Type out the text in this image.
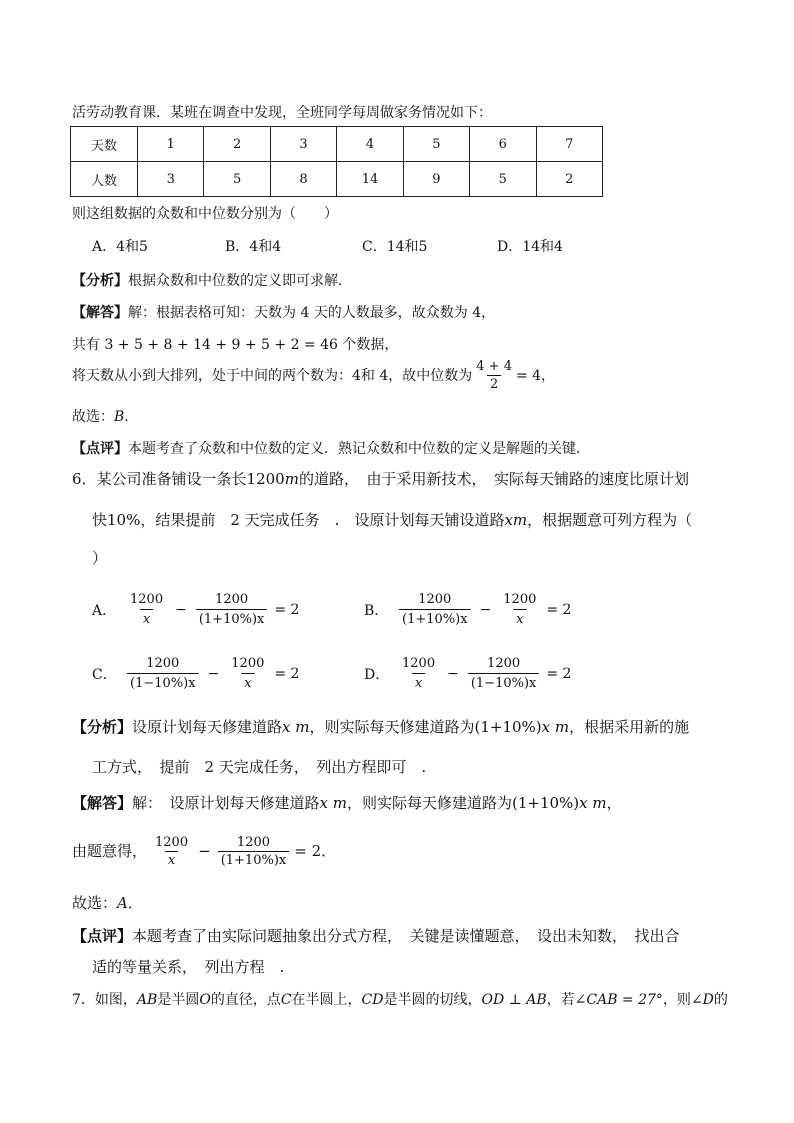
活劳动教育课．某班在调查中发现，全班同学每周做家务情况如下：
天数	1	2	3	4	5	6	7
人数	3	5	8	14	9	5	2
则这组数据的众数和中位数分别为（　　）
A．4和5	B．4和4	C．14和5	D．14和4
【分析】根据众数和中位数的定义即可求解．
【解答】解：根据表格可知：天数为 4 天的人数最多，故众数为 4，
共有 3 + 5 + 8 + 14 + 9 + 5 + 2 = 46 个数据，
将天数从小到大排列，处于中间的两个数为：4和 4，故中位数为 $\frac{4 + 4}{2} = 4$，
故选：B．
【点评】本题考查了众数和中位数的定义．熟记众数和中位数的定义是解题的关键．
6．某公司准备铺设一条长1200m的道路，　由于采用新技术，　实际每天铺路的速度比原计划
快10%，结果提前　2 天完成任务　.　设原计划每天铺设道路xm，根据题意可列方程为（
）
A． $\frac{1200}{x} - \frac{1200}{(1+10\%)x} = 2$	B． $\frac{1200}{(1+10\%)x} - \frac{1200}{x} = 2$
C． $\frac{1200}{(1-10\%)x} - \frac{1200}{x} = 2$	D． $\frac{1200}{x} - \frac{1200}{(1-10\%)x} = 2$
【分析】设原计划每天修建道路x m，则实际每天修建道路为(1+10%)x m，根据采用新的施
工方式，　提前　2 天完成任务，　列出方程即可　.
【解答】解：　设原计划每天修建道路x m，则实际每天修建道路为(1+10%)x m，
由题意得， $\frac{1200}{x} - \frac{1200}{(1+10\%)x} = 2$．
故选：A．
【点评】本题考查了由实际问题抽象出分式方程，　关键是读懂题意，　设出未知数，　找出合
适的等量关系，　列出方程　.
7．如图，AB是半圆O的直径，点C在半圆上，CD是半圆的切线，OD ⊥ AB，若∠CAB = 27°，则∠D的
